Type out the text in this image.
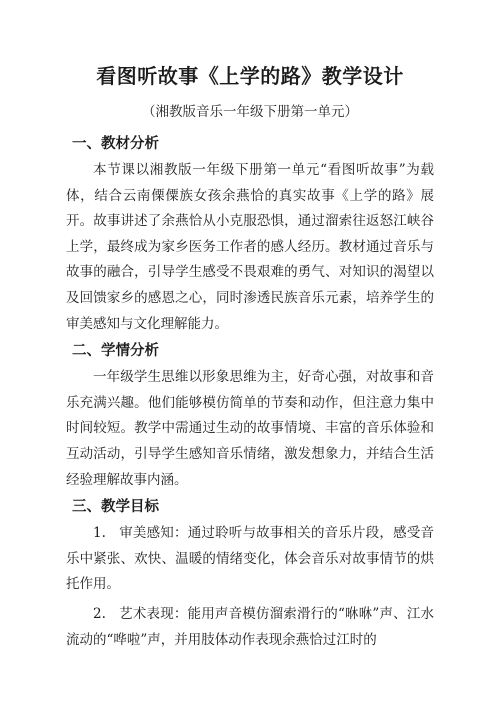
看图听故事《上学的路》教学设计
（湘教版音乐一年级下册第一单元）
一、教材分析

本节课以湘教版一年级下册第一单元“看图听故事”为载体，结合云南傈僳族女孩余燕恰的真实故事《上学的路》展开。故事讲述了余燕恰从小克服恐惧，通过溜索往返怒江峡谷上学，最终成为家乡医务工作者的感人经历。教材通过音乐与故事的融合，引导学生感受不畏艰难的勇气、对知识的渴望以及回馈家乡的感恩之心，同时渗透民族音乐元素，培养学生的审美感知与文化理解能力。

二、学情分析

一年级学生思维以形象思维为主，好奇心强，对故事和音乐充满兴趣。他们能够模仿简单的节奏和动作，但注意力集中时间较短。教学中需通过生动的故事情境、丰富的音乐体验和互动活动，引导学生感知音乐情绪，激发想象力，并结合生活经验理解故事内涵。

三、教学目标

1. 审美感知：通过聆听与故事相关的音乐片段，感受音乐中紧张、欢快、温暖的情绪变化，体会音乐对故事情节的烘托作用。

2. 艺术表现：能用声音模仿溜索滑行的“咻咻”声、江水流动的“哗啦”声，并用肢体动作表现余燕恰过江时的
